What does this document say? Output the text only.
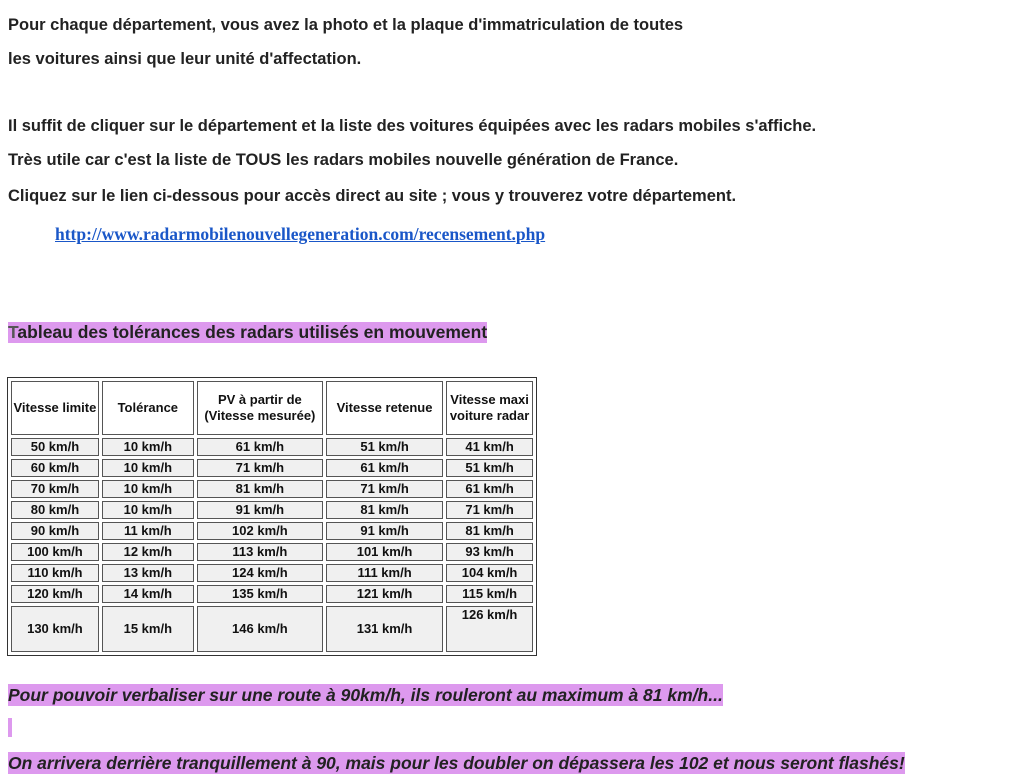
Pour chaque département, vous avez la photo et la plaque d'immatriculation de toutes

les voitures ainsi que leur unité d'affectation.

Il suffit de cliquer sur le département et la liste des voitures équipées avec les radars mobiles s'affiche.

Très utile car c'est la liste de TOUS les radars mobiles nouvelle génération de France.

Cliquez sur le lien ci-dessous pour accès direct au site ; vous y trouverez votre département.

http://www.radarmobilenouvellegeneration.com/recensement.php
Tableau des tolérances des radars utilisés en mouvement
Vitesse limite	Tolérance	PV à partir de (Vitesse mesurée)	Vitesse retenue	Vitesse maxi voiture radar
50 km/h	10 km/h	61 km/h	51 km/h	41 km/h
60 km/h	10 km/h	71 km/h	61 km/h	51 km/h
70 km/h	10 km/h	81 km/h	71 km/h	61 km/h
80 km/h	10 km/h	91 km/h	81 km/h	71 km/h
90 km/h	11 km/h	102 km/h	91 km/h	81 km/h
100 km/h	12 km/h	113 km/h	101 km/h	93 km/h
110 km/h	13 km/h	124 km/h	111 km/h	104 km/h
120 km/h	14 km/h	135 km/h	121 km/h	115 km/h
130 km/h	15 km/h	146 km/h	131 km/h	126 km/h
Pour pouvoir verbaliser sur une route à 90km/h, ils rouleront au maximum à 81 km/h...
On arrivera derrière tranquillement à 90, mais pour les doubler on dépassera les 102 et nous seront flashés!
